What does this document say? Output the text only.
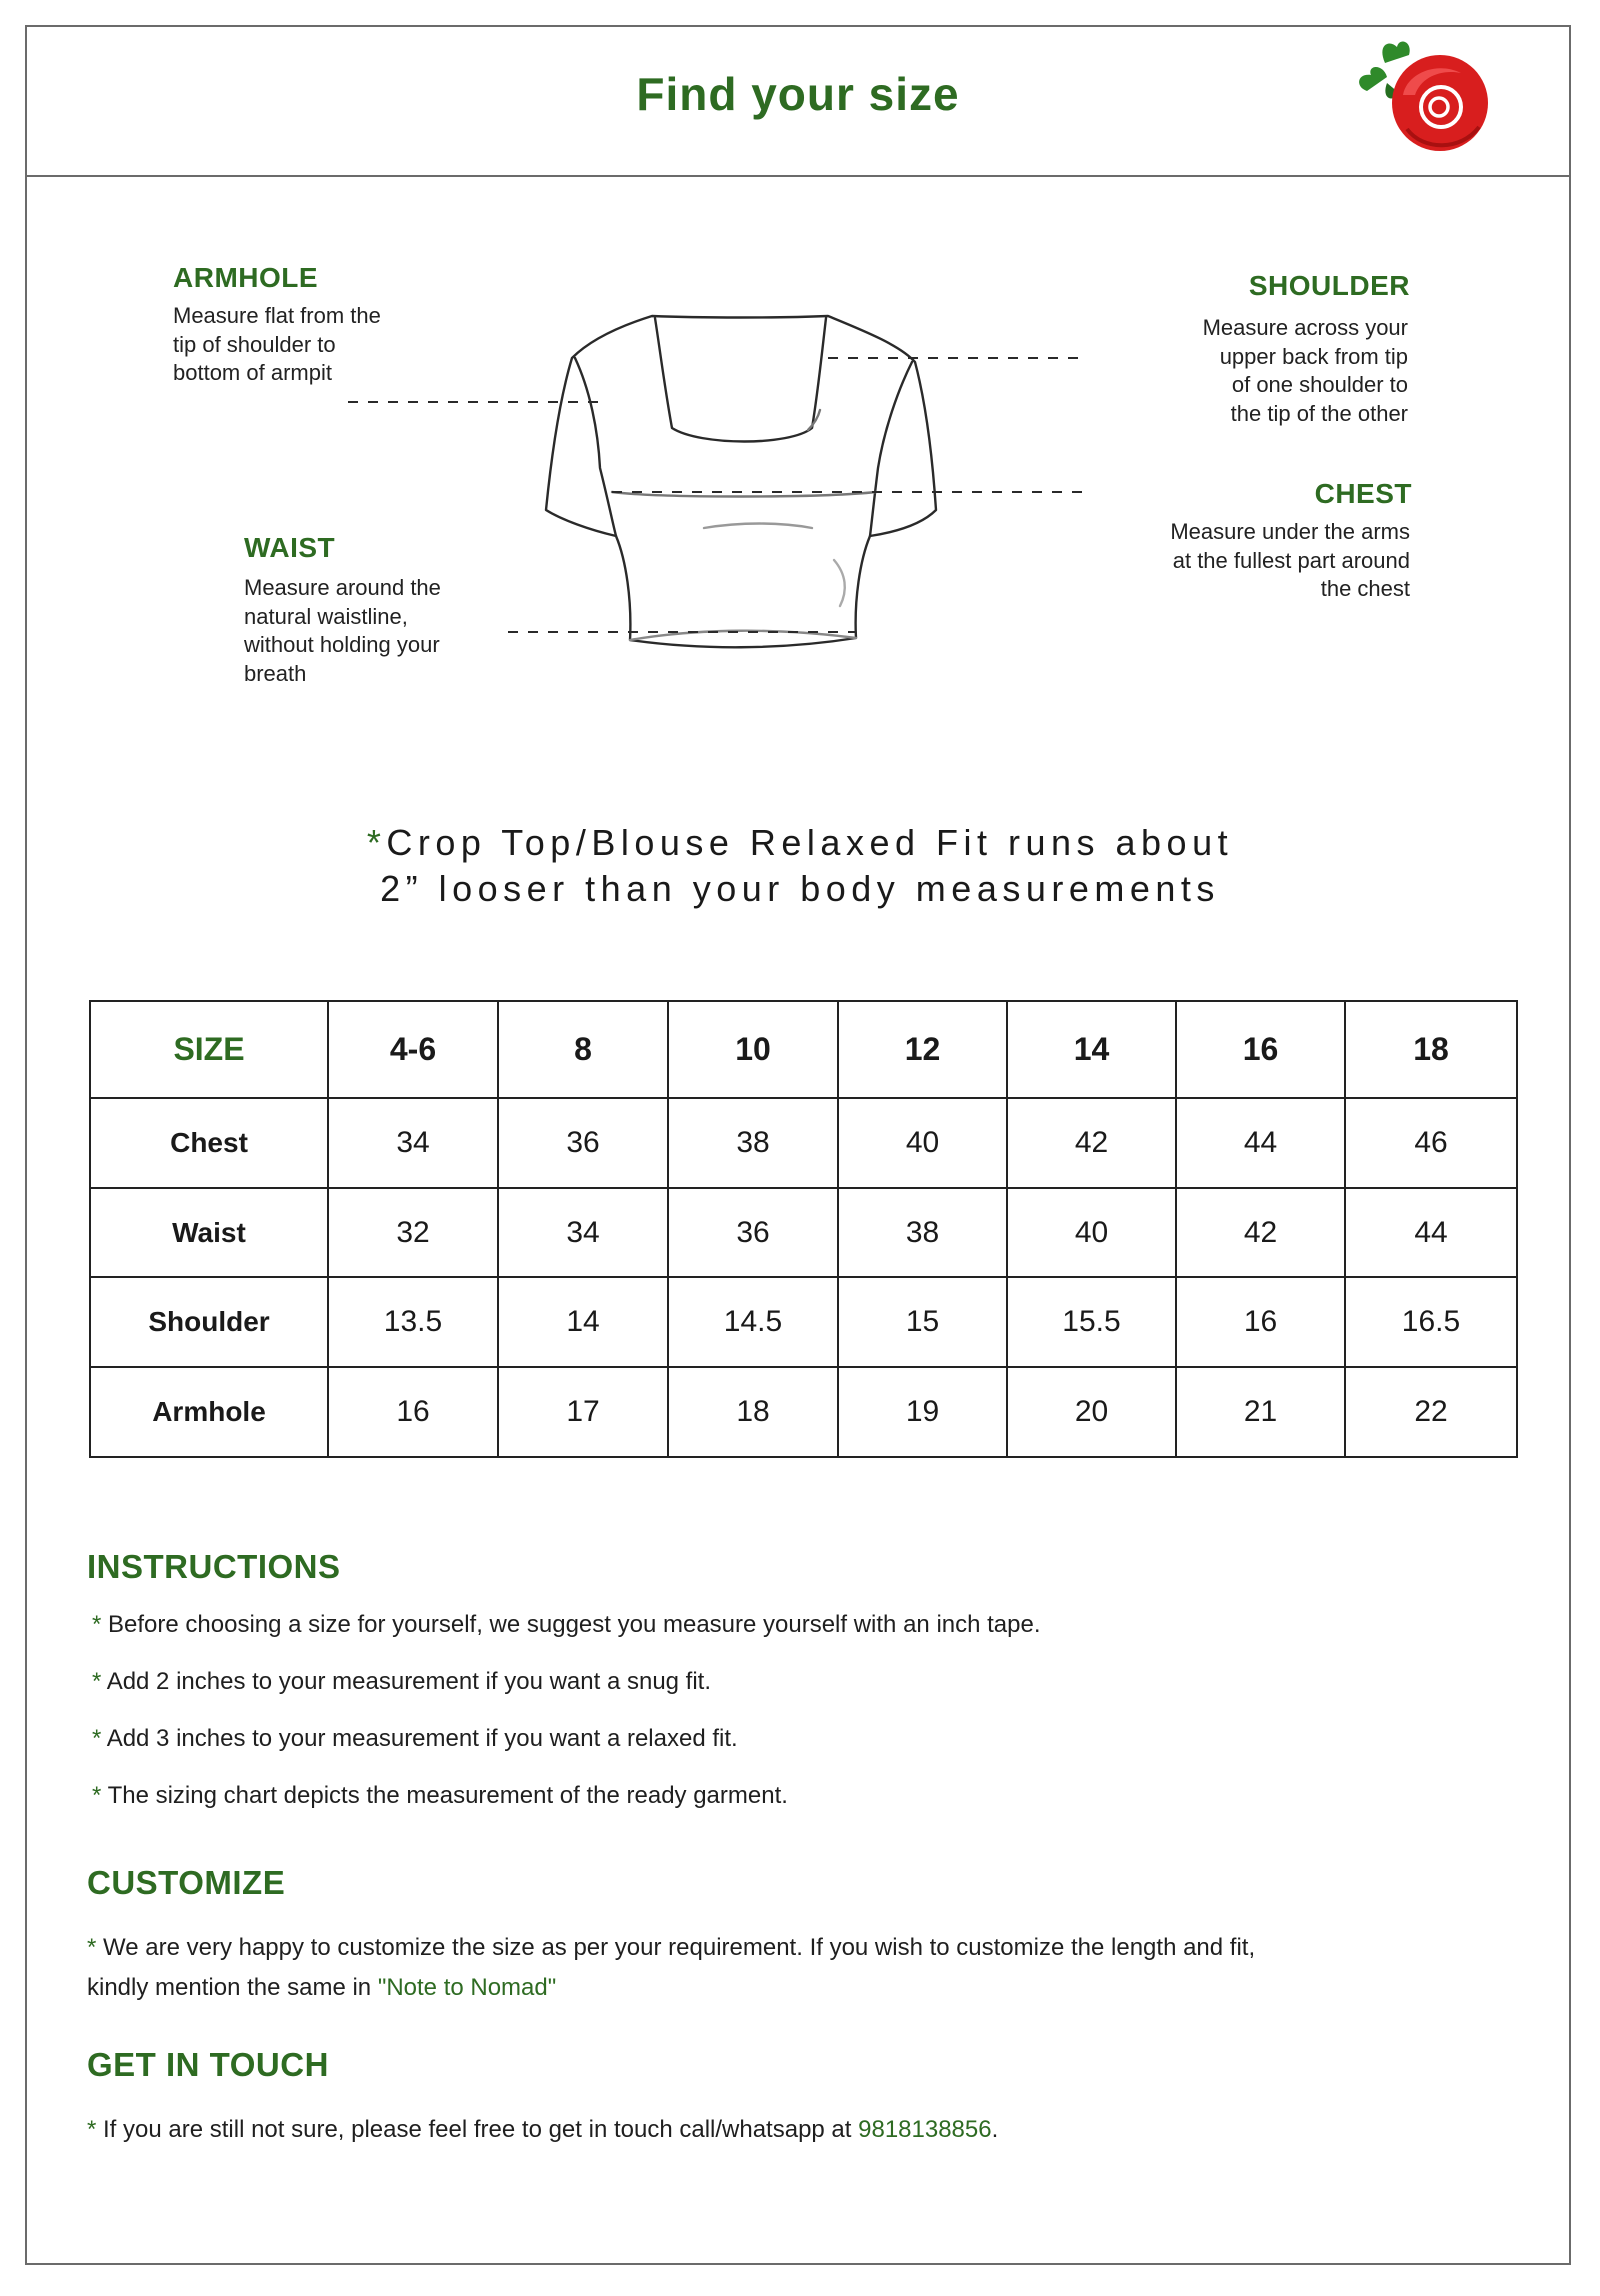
Find your size
ARMHOLE
Measure flat from the
tip of shoulder to
bottom of armpit
SHOULDER
Measure across your
upper back from tip
of one shoulder to
the tip of the other
CHEST
Measure under the arms
at the fullest part around
the chest
WAIST
Measure around the
natural waistline,
without holding your
breath
*Crop Top/Blouse Relaxed Fit runs about
2” looser than your body measurements
SIZE	4-6	8	10	12	14	16	18
Chest	34	36	38	40	42	44	46
Waist	32	34	36	38	40	42	44
Shoulder	13.5	14	14.5	15	15.5	16	16.5
Armhole	16	17	18	19	20	21	22
INSTRUCTIONS
* Before choosing a size for yourself, we suggest you measure yourself with an inch tape.
* Add 2 inches to your measurement if you want a snug fit.
* Add 3 inches to your measurement if you want a relaxed fit.
* The sizing chart depicts the measurement of the ready garment.
CUSTOMIZE
* We are very happy to customize the size as per your requirement. If you wish to customize the length and fit,
kindly mention the same in "Note to Nomad"
GET IN TOUCH
* If you are still not sure, please feel free to get in touch call/whatsapp at 9818138856.
